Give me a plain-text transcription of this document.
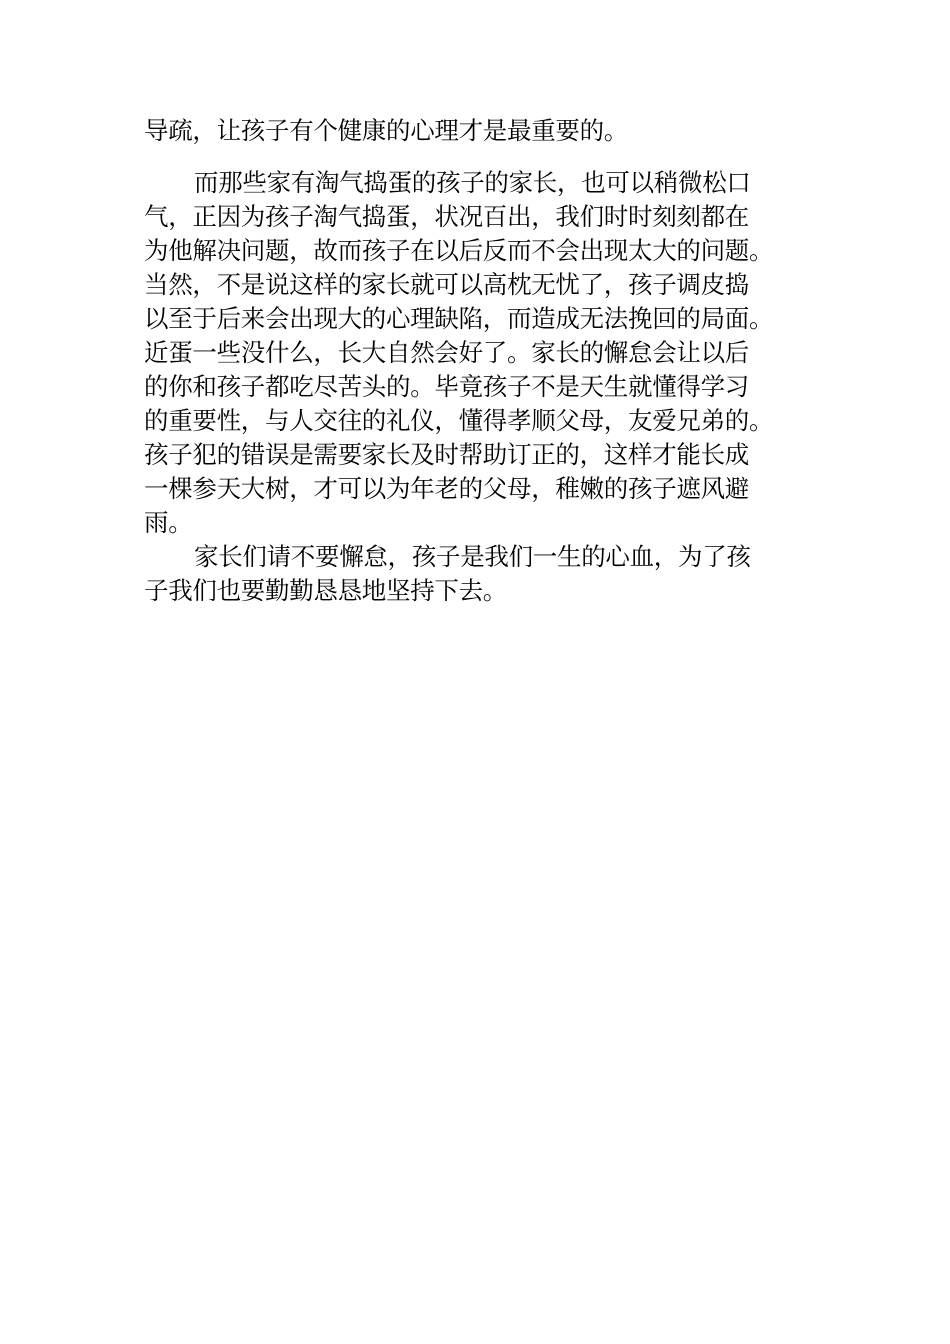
导疏，让孩子有个健康的心理才是最重要的。
而那些家有淘气捣蛋的孩子的家长，也可以稍微松口
气，正因为孩子淘气捣蛋，状况百出，我们时时刻刻都在
为他解决问题，故而孩子在以后反而不会出现太大的问题。
当然，不是说这样的家长就可以高枕无忧了，孩子调皮捣
以至于后来会出现大的心理缺陷，而造成无法挽回的局面。
近蛋一些没什么，长大自然会好了。家长的懈怠会让以后
的你和孩子都吃尽苦头的。毕竟孩子不是天生就懂得学习
的重要性，与人交往的礼仪，懂得孝顺父母，友爱兄弟的。
孩子犯的错误是需要家长及时帮助订正的，这样才能长成
一棵参天大树，才可以为年老的父母，稚嫩的孩子遮风避
雨。
家长们请不要懈怠，孩子是我们一生的心血，为了孩
子我们也要勤勤恳恳地坚持下去。
